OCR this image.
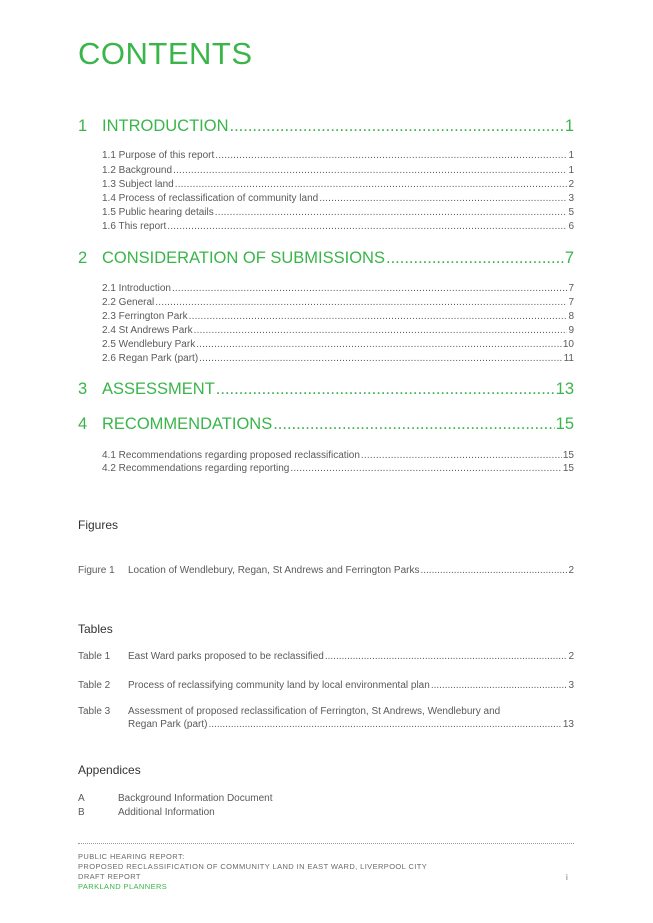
CONTENTS
1 INTRODUCTION .....	1
1.1 Purpose of this report .....	1
1.2 Background .....	1
1.3 Subject land .....	2
1.4 Process of reclassification of community land .....	3
1.5 Public hearing details .....	5
1.6 This report .....	6
2 CONSIDERATION OF SUBMISSIONS .....	7
2.1 Introduction .....	7
2.2 General .....	7
2.3 Ferrington Park .....	8
2.4 St Andrews Park .....	9
2.5 Wendlebury Park .....	10
2.6 Regan Park (part) .....	11
3 ASSESSMENT .....	13
4 RECOMMENDATIONS .....	15
4.1 Recommendations regarding proposed reclassification .....	15
4.2 Recommendations regarding reporting .....	15
Figures
Figure 1	Location of Wendlebury, Regan, St Andrews and Ferrington Parks .....	2
Tables
Table 1	East Ward parks proposed to be reclassified .....	2
Table 2	Process of reclassifying community land by local environmental plan .....	3
Table 3	Assessment of proposed reclassification of Ferrington, St Andrews, Wendlebury and
Regan Park (part) .....	13
Appendices
A	Background Information Document
B	Additional Information
PUBLIC HEARING REPORT:
PROPOSED RECLASSIFICATION OF COMMUNITY LAND IN EAST WARD, LIVERPOOL CITY
DRAFT REPORT
PARKLAND PLANNERS
i
